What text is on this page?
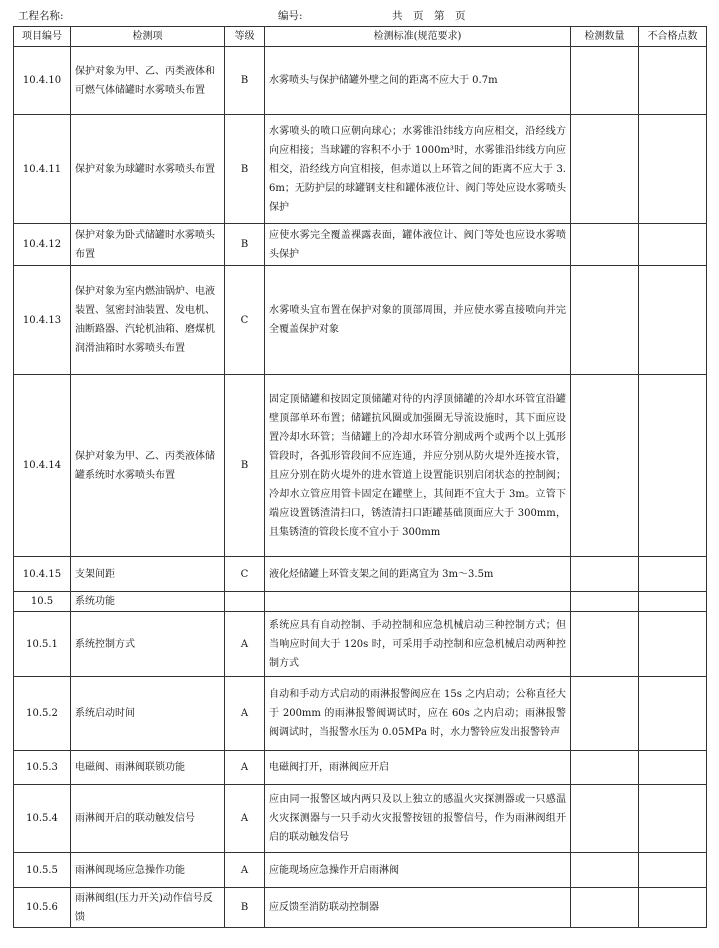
工程名称:	编号:	共　页　第　页
项目编号	检测项	等级	检测标准(规范要求)	检测数量	不合格点数
10.4.10	保护对象为甲、乙、丙类液体和可燃气体储罐时水雾喷头布置	B	水雾喷头与保护储罐外壁之间的距离不应大于 0.7m		
10.4.11	保护对象为球罐时水雾喷头布置	B	水雾喷头的喷口应朝向球心；水雾锥沿纬线方向应相交，沿经线方向应相接；当球罐的容积不小于 1000m³时，水雾锥沿纬线方向应相交，沿经线方向宜相接，但赤道以上环管之间的距离不应大于 3.6m；无防护层的球罐钢支柱和罐体液位计、阀门等处应设水雾喷头保护		
10.4.12	保护对象为卧式储罐时水雾喷头布置	B	应使水雾完全覆盖裸露表面，罐体液位计、阀门等处也应设水雾喷头保护		
10.4.13	保护对象为室内燃油锅炉、电液装置、氢密封油装置、发电机、油断路器、汽轮机油箱、磨煤机润滑油箱时水雾喷头布置	C	水雾喷头宜布置在保护对象的顶部周围，并应使水雾直接喷向并完全覆盖保护对象		
10.4.14	保护对象为甲、乙、丙类液体储罐系统时水雾喷头布置	B	固定顶储罐和按固定顶储罐对待的内浮顶储罐的冷却水环管宜沿罐壁顶部单环布置；储罐抗风圈或加强圈无导流设施时，其下面应设置冷却水环管；当储罐上的冷却水环管分割成两个或两个以上弧形管段时，各弧形管段间不应连通，并应分别从防火堤外连接水管，且应分别在防火堤外的进水管道上设置能识别启闭状态的控制阀；冷却水立管应用管卡固定在罐壁上，其间距不宜大于 3m。立管下端应设置锈渣清扫口，锈渣清扫口距罐基础顶面应大于 300mm，且集锈渣的管段长度不宜小于 300mm		
10.4.15	支架间距	C	液化烃储罐上环管支架之间的距离宜为 3m～3.5m		
10.5	系统功能				
10.5.1	系统控制方式	A	系统应具有自动控制、手动控制和应急机械启动三种控制方式；但当响应时间大于 120s 时，可采用手动控制和应急机械启动两种控制方式		
10.5.2	系统启动时间	A	自动和手动方式启动的雨淋报警阀应在 15s 之内启动；公称直径大于 200mm 的雨淋报警阀调试时，应在 60s 之内启动；雨淋报警阀调试时，当报警水压为 0.05MPa 时，水力警铃应发出报警铃声		
10.5.3	电磁阀、雨淋阀联锁功能	A	电磁阀打开，雨淋阀应开启		
10.5.4	雨淋阀开启的联动触发信号	A	应由同一报警区域内两只及以上独立的感温火灾探测器或一只感温火灾探测器与一只手动火灾报警按钮的报警信号，作为雨淋阀组开启的联动触发信号		
10.5.5	雨淋阀现场应急操作功能	A	应能现场应急操作开启雨淋阀		
10.5.6	雨淋阀组(压力开关)动作信号反馈	B	应反馈至消防联动控制器		
